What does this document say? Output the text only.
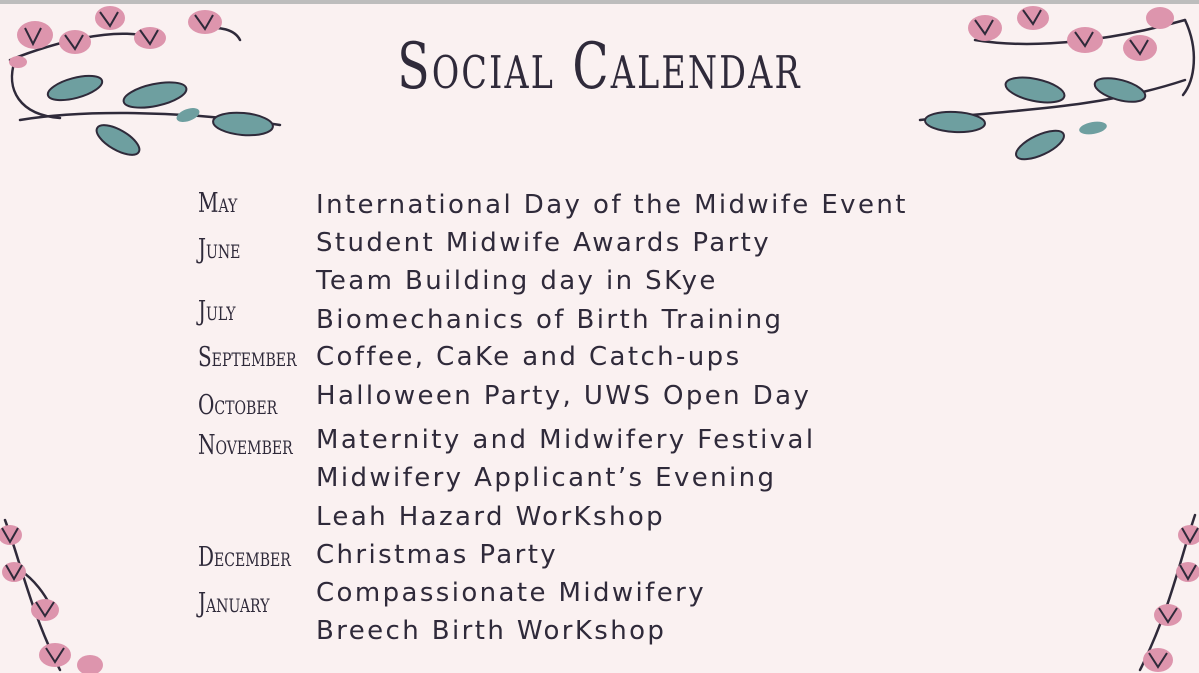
Social Calendar
May
June
July
September
October
November
December
January
International Day of the Midwife Event
Student Midwife Awards Party
Team Building day in SKye
Biomechanics of Birth Training
Coffee, CaKe and Catch-ups
Halloween Party, UWS Open Day
Maternity and Midwifery Festival
Midwifery Applicant’s Evening
Leah Hazard WorKshop
Christmas Party
Compassionate Midwifery
Breech Birth WorKshop
